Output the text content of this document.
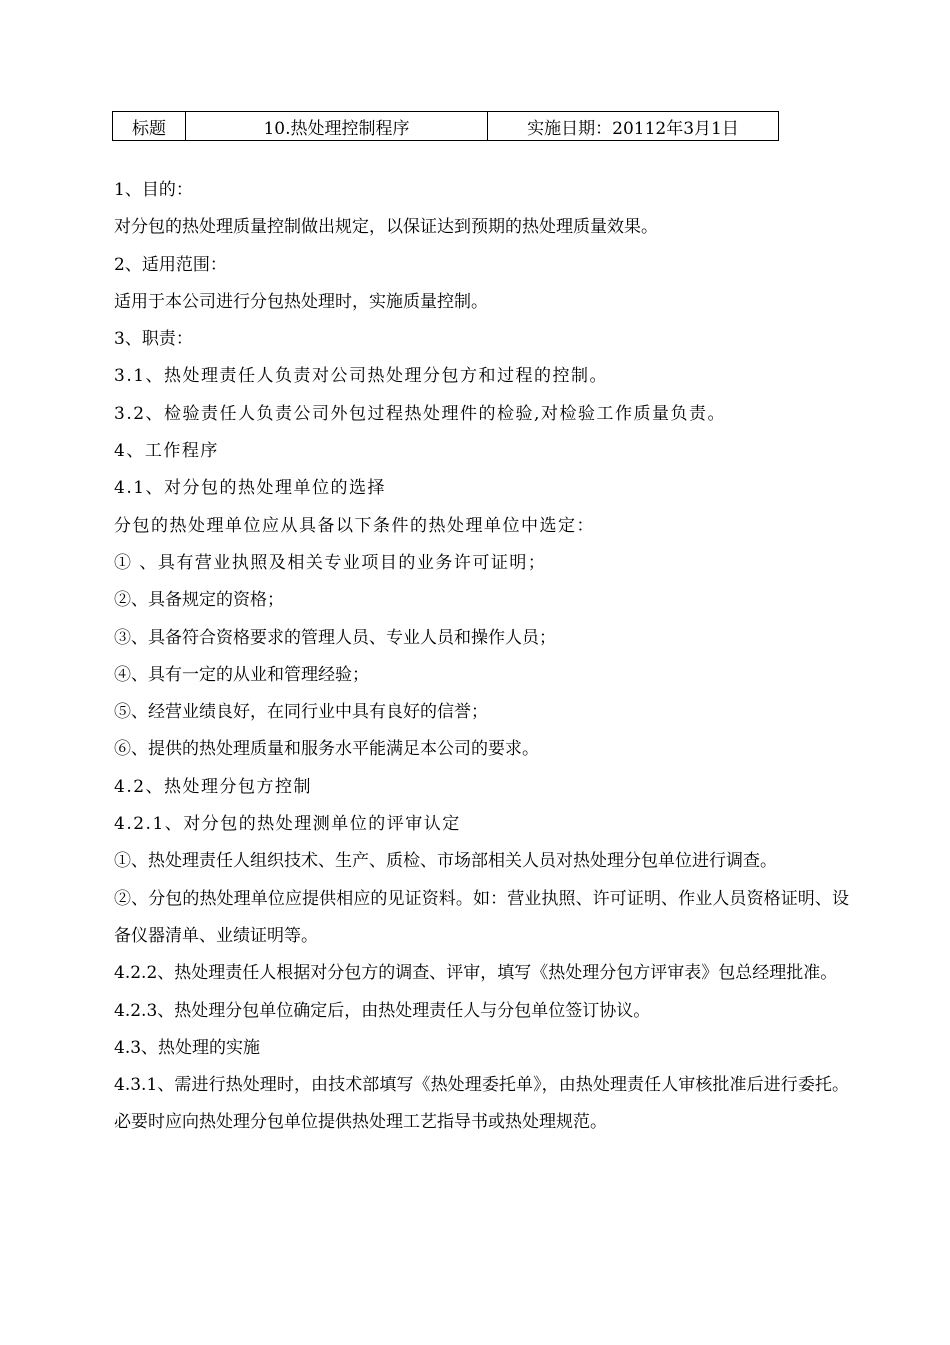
标题	10.热处理控制程序	实施日期：20112年3月1日

1、目的：

对分包的热处理质量控制做出规定，以保证达到预期的热处理质量效果。

2、适用范围：

适用于本公司进行分包热处理时，实施质量控制。

3、职责：

3.1、热处理责任人负责对公司热处理分包方和过程的控制。

3.2、检验责任人负责公司外包过程热处理件的检验,对检验工作质量负责。

4、工作程序

4.1、对分包的热处理单位的选择

分包的热处理单位应从具备以下条件的热处理单位中选定：

① 、具有营业执照及相关专业项目的业务许可证明；

②、具备规定的资格；

③、具备符合资格要求的管理人员、专业人员和操作人员；

④、具有一定的从业和管理经验；

⑤、经营业绩良好，在同行业中具有良好的信誉；

⑥、提供的热处理质量和服务水平能满足本公司的要求。

4.2、热处理分包方控制

4.2.1、对分包的热处理测单位的评审认定

①、热处理责任人组织技术、生产、质检、市场部相关人员对热处理分包单位进行调查。

②、分包的热处理单位应提供相应的见证资料。如：营业执照、许可证明、作业人员资格证明、设备仪器清单、业绩证明等。

4.2.2、热处理责任人根据对分包方的调查、评审，填写《热处理分包方评审表》包总经理批准。

4.2.3、热处理分包单位确定后，由热处理责任人与分包单位签订协议。

4.3、热处理的实施

4.3.1、需进行热处理时，由技术部填写《热处理委托单》，由热处理责任人审核批准后进行委托。必要时应向热处理分包单位提供热处理工艺指导书或热处理规范。
